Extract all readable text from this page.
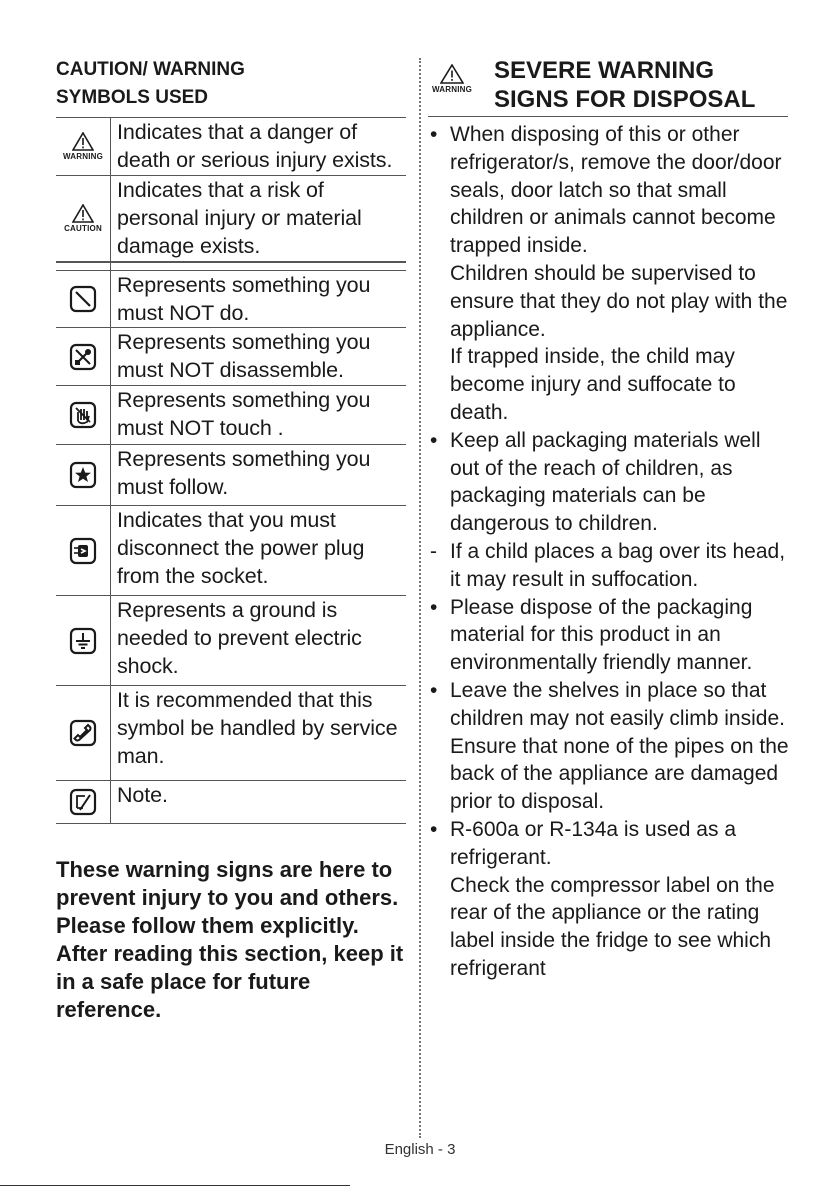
CAUTION/ WARNING
SYMBOLS USED
WARNING
Indicates that a danger of death or serious injury exists.
CAUTION
Indicates that a risk of personal injury or material damage exists.
Represents something you must NOT do.
Represents something you must NOT disassemble.
Represents something you must NOT touch .
Represents something you must follow.
Indicates that you must disconnect the power plug from the socket.
Represents a ground is needed to prevent electric shock.
It is recommended that this symbol be handled by service man.
Note.

These warning signs are here to prevent injury to you and others. Please follow them explicitly.

After reading this section, keep it in a safe place for future reference.

WARNING
SEVERE WARNING
SIGNS FOR DISPOSAL
• When disposing of this or other refrigerator/s, remove the door/door seals, door latch so that small children or animals cannot become trapped inside.
Children should be supervised to ensure that they do not play with the appliance.
If trapped inside, the child may become injury and suffocate to death.
• Keep all packaging materials well out of the reach of children, as packaging materials can be dangerous to children.
- If a child places a bag over its head, it may result in suffocation.
• Please dispose of the packaging material for this product in an environmentally friendly manner.
• Leave the shelves in place so that children may not easily climb inside.
Ensure that none of the pipes on the back of the appliance are damaged prior to disposal.
• R-600a or R-134a is used as a refrigerant.
Check the compressor label on the rear of the appliance or the rating label inside the fridge to see which refrigerant
English - 3
